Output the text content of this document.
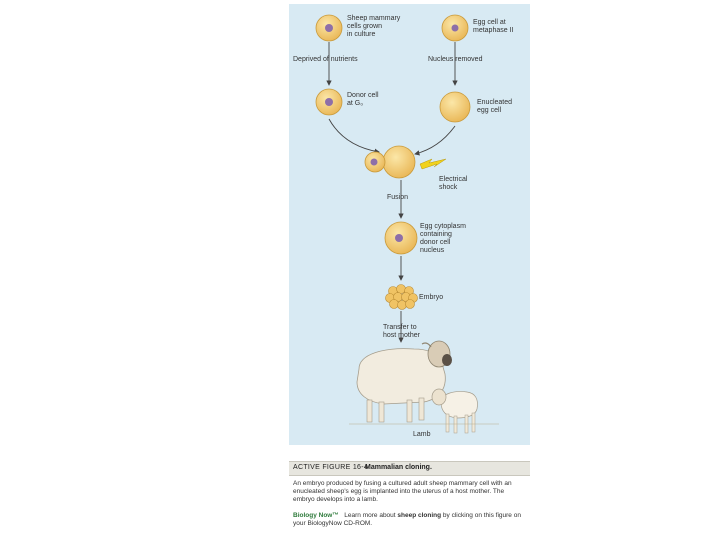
Sheep mammary
cells grown
in culture
Egg cell at
metaphase II
Deprived of nutrients	Nucleus removed
Donor cell
at G₀	Enucleated
egg cell
Electrical
shock
Fusion
Egg cytoplasm
containing
donor cell
nucleus
Embryo
Transfer to
host mother
Lamb
ACTIVE FIGURE 16-4
Mammalian cloning.
An embryo produced by fusing a cultured adult sheep mammary cell with an enucleated sheep's egg is implanted into the uterus of a host mother. The embryo develops into a lamb.
Biology Now™ Learn more about sheep cloning by clicking on this figure on your BiologyNow CD-ROM.
